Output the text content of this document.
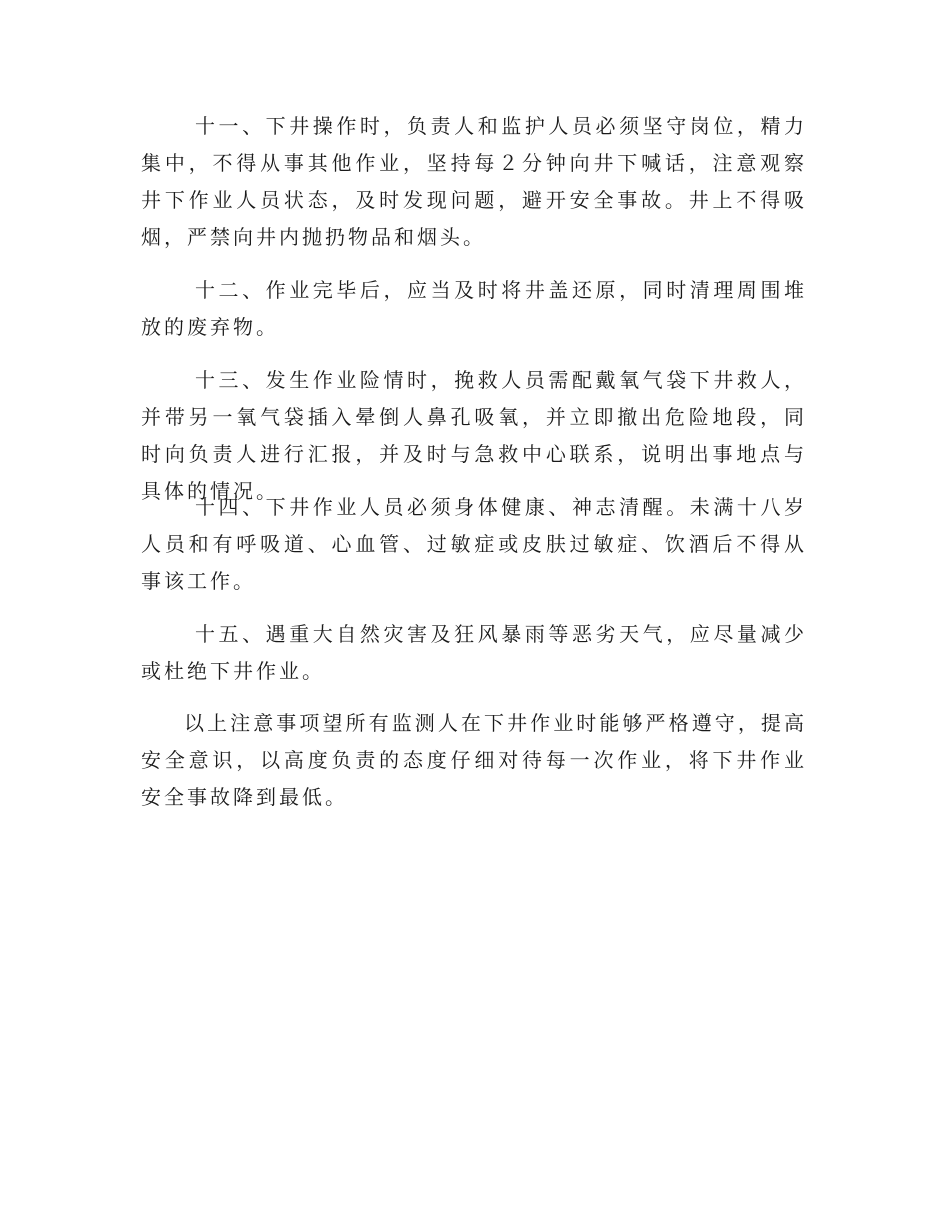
十一、下井操作时，负责人和监护人员必须坚守岗位，精力集中，不得从事其他作业，坚持每２分钟向井下喊话，注意观察井下作业人员状态，及时发现问题，避开安全事故。井上不得吸烟，严禁向井内抛扔物品和烟头。

十二、作业完毕后，应当及时将井盖还原，同时清理周围堆放的废弃物。

十三、发生作业险情时，挽救人员需配戴氧气袋下井救人，并带另一氧气袋插入晕倒人鼻孔吸氧，并立即撤出危险地段，同时向负责人进行汇报，并及时与急救中心联系，说明出事地点与具体的情况。

十四、下井作业人员必须身体健康、神志清醒。未满十八岁人员和有呼吸道、心血管、过敏症或皮肤过敏症、饮酒后不得从事该工作。

十五、遇重大自然灾害及狂风暴雨等恶劣天气，应尽量减少或杜绝下井作业。

以上注意事项望所有监测人在下井作业时能够严格遵守，提高安全意识，以高度负责的态度仔细对待每一次作业，将下井作业安全事故降到最低。
